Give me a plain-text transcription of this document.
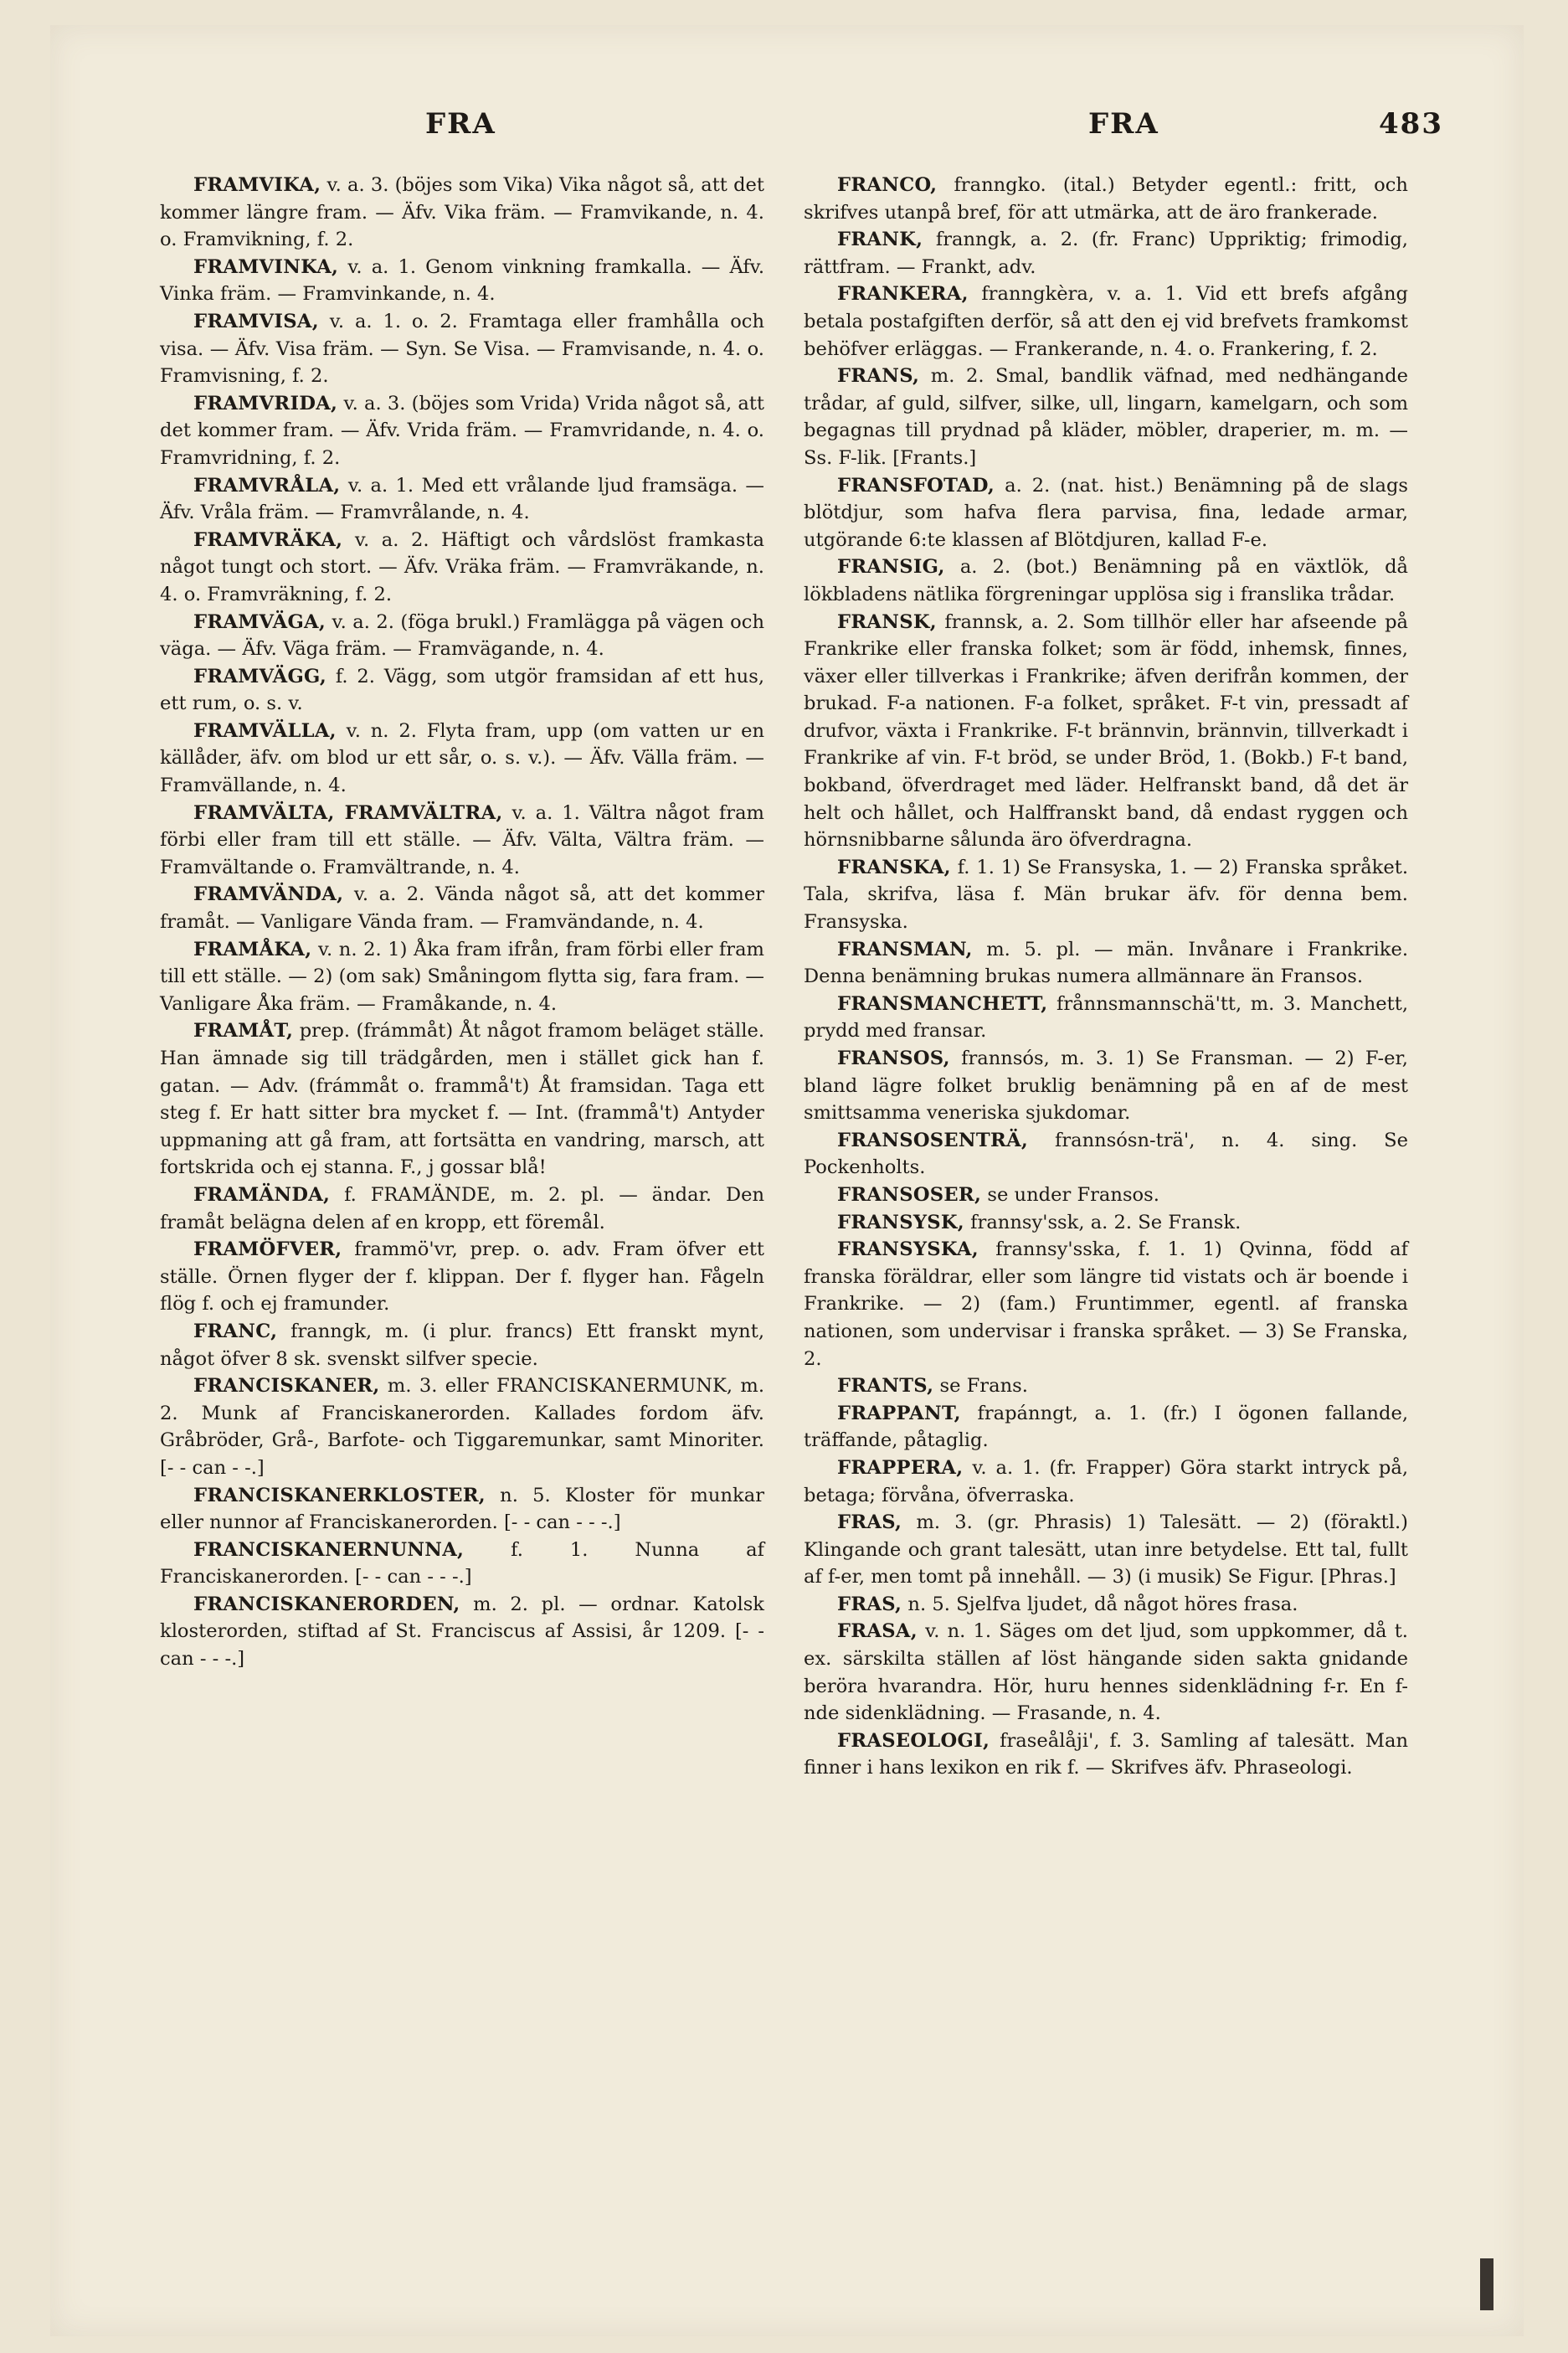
FRA	FRA	483

FRAMVIKA, v. a. 3. (böjes som Vika) Vika något så, att det kommer längre fram. — Äfv. Vika främ. — Framvikande, n. 4. o. Framvikning, f. 2.

FRAMVINKA, v. a. 1. Genom vinkning framkalla. — Äfv. Vinka främ. — Framvinkande, n. 4.

FRAMVISA, v. a. 1. o. 2. Framtaga eller framhålla och visa. — Äfv. Visa främ. — Syn. Se Visa. — Framvisande, n. 4. o. Framvisning, f. 2.

FRAMVRIDA, v. a. 3. (böjes som Vrida) Vrida något så, att det kommer fram. — Äfv. Vrida främ. — Framvridande, n. 4. o. Framvridning, f. 2.

FRAMVRÅLA, v. a. 1. Med ett vrålande ljud framsäga. — Äfv. Vråla främ. — Framvrålande, n. 4.

FRAMVRÄKA, v. a. 2. Häftigt och vårdslöst framkasta något tungt och stort. — Äfv. Vräka främ. — Framvräkande, n. 4. o. Framvräkning, f. 2.

FRAMVÄGA, v. a. 2. (föga brukl.) Framlägga på vägen och väga. — Äfv. Väga främ. — Framvägande, n. 4.

FRAMVÄGG, f. 2. Vägg, som utgör framsidan af ett hus, ett rum, o. s. v.

FRAMVÄLLA, v. n. 2. Flyta fram, upp (om vatten ur en källåder, äfv. om blod ur ett sår, o. s. v.). — Äfv. Välla främ. — Framvällande, n. 4.

FRAMVÄLTA, FRAMVÄLTRA, v. a. 1. Vältra något fram förbi eller fram till ett ställe. — Äfv. Välta, Vältra främ. — Framvältande o. Framvältrande, n. 4.

FRAMVÄNDA, v. a. 2. Vända något så, att det kommer framåt. — Vanligare Vända fram. — Framvändande, n. 4.

FRAMÅKA, v. n. 2. 1) Åka fram ifrån, fram förbi eller fram till ett ställe. — 2) (om sak) Småningom flytta sig, fara fram. — Vanligare Åka främ. — Framåkande, n. 4.

FRAMÅT, prep. (frámmåt) Åt något framom beläget ställe. Han ämnade sig till trädgården, men i stället gick han f. gatan. — Adv. (frámmåt o. frammå't) Åt framsidan. Taga ett steg f. Er hatt sitter bra mycket f. — Int. (frammå't) Antyder uppmaning att gå fram, att fortsätta en vandring, marsch, att fortskrida och ej stanna. F., j gossar blå!

FRAMÄNDA, f. FRAMÄNDE, m. 2. pl. — ändar. Den framåt belägna delen af en kropp, ett föremål.

FRAMÖFVER, frammö'vr, prep. o. adv. Fram öfver ett ställe. Örnen flyger der f. klippan. Der f. flyger han. Fågeln flög f. och ej framunder.

FRANC, franngk, m. (i plur. francs) Ett franskt mynt, något öfver 8 sk. svenskt silfver specie.

FRANCISKANER, m. 3. eller FRANCISKANERMUNK, m. 2. Munk af Franciskanerorden. Kallades fordom äfv. Gråbröder, Grå-, Barfote- och Tiggaremunkar, samt Minoriter. [- - can - -.]

FRANCISKANERKLOSTER, n. 5. Kloster för munkar eller nunnor af Franciskanerorden. [- - can - - -.]

FRANCISKANERNUNNA, f. 1. Nunna af Franciskanerorden. [- - can - - -.]

FRANCISKANERORDEN, m. 2. pl. — ordnar. Katolsk klosterorden, stiftad af St. Franciscus af Assisi, år 1209. [- - can - - -.]

FRANCO, franngko. (ital.) Betyder egentl.: fritt, och skrifves utanpå bref, för att utmärka, att de äro frankerade.

FRANK, franngk, a. 2. (fr. Franc) Uppriktig; frimodig, rättfram. — Frankt, adv.

FRANKERA, franngkèra, v. a. 1. Vid ett brefs afgång betala postafgiften derför, så att den ej vid brefvets framkomst behöfver erläggas. — Frankerande, n. 4. o. Frankering, f. 2.

FRANS, m. 2. Smal, bandlik väfnad, med nedhängande trådar, af guld, silfver, silke, ull, lingarn, kamelgarn, och som begagnas till prydnad på kläder, möbler, draperier, m. m. — Ss. F-lik. [Frants.]

FRANSFOTAD, a. 2. (nat. hist.) Benämning på de slags blötdjur, som hafva flera parvisa, fina, ledade armar, utgörande 6:te klassen af Blötdjuren, kallad F-e.

FRANSIG, a. 2. (bot.) Benämning på en växtlök, då lökbladens nätlika förgreningar upplösa sig i franslika trådar.

FRANSK, frannsk, a. 2. Som tillhör eller har afseende på Frankrike eller franska folket; som är född, inhemsk, finnes, växer eller tillverkas i Frankrike; äfven derifrån kommen, der brukad. F-a nationen. F-a folket, språket. F-t vin, pressadt af drufvor, växta i Frankrike. F-t brännvin, brännvin, tillverkadt i Frankrike af vin. F-t bröd, se under Bröd, 1. (Bokb.) F-t band, bokband, öfverdraget med läder. Helfranskt band, då det är helt och hållet, och Halffranskt band, då endast ryggen och hörnsnibbarne sålunda äro öfverdragna.

FRANSKA, f. 1. 1) Se Fransyska, 1. — 2) Franska språket. Tala, skrifva, läsa f. Män brukar äfv. för denna bem. Fransyska.

FRANSMAN, m. 5. pl. — män. Invånare i Frankrike. Denna benämning brukas numera allmännare än Fransos.

FRANSMANCHETT, frånnsmannschä'tt, m. 3. Manchett, prydd med fransar.

FRANSOS, frannsós, m. 3. 1) Se Fransman. — 2) F-er, bland lägre folket bruklig benämning på en af de mest smittsamma veneriska sjukdomar.

FRANSOSENTRÄ, frannsósn-trä', n. 4. sing. Se Pockenholts.

FRANSOSER, se under Fransos.

FRANSYSK, frannsy'ssk, a. 2. Se Fransk.

FRANSYSKA, frannsy'sska, f. 1. 1) Qvinna, född af franska föräldrar, eller som längre tid vistats och är boende i Frankrike. — 2) (fam.) Fruntimmer, egentl. af franska nationen, som undervisar i franska språket. — 3) Se Franska, 2.

FRANTS, se Frans.

FRAPPANT, frapánngt, a. 1. (fr.) I ögonen fallande, träffande, påtaglig.

FRAPPERA, v. a. 1. (fr. Frapper) Göra starkt intryck på, betaga; förvåna, öfverraska.

FRAS, m. 3. (gr. Phrasis) 1) Talesätt. — 2) (föraktl.) Klingande och grant talesätt, utan inre betydelse. Ett tal, fullt af f-er, men tomt på innehåll. — 3) (i musik) Se Figur. [Phras.]

FRAS, n. 5. Sjelfva ljudet, då något höres frasa.

FRASA, v. n. 1. Säges om det ljud, som uppkommer, då t. ex. särskilta ställen af löst hängande siden sakta gnidande beröra hvarandra. Hör, huru hennes sidenklädning f-r. En f-nde sidenklädning. — Frasande, n. 4.

FRASEOLOGI, fraseålåji', f. 3. Samling af talesätt. Man finner i hans lexikon en rik f. — Skrifves äfv. Phraseologi.
